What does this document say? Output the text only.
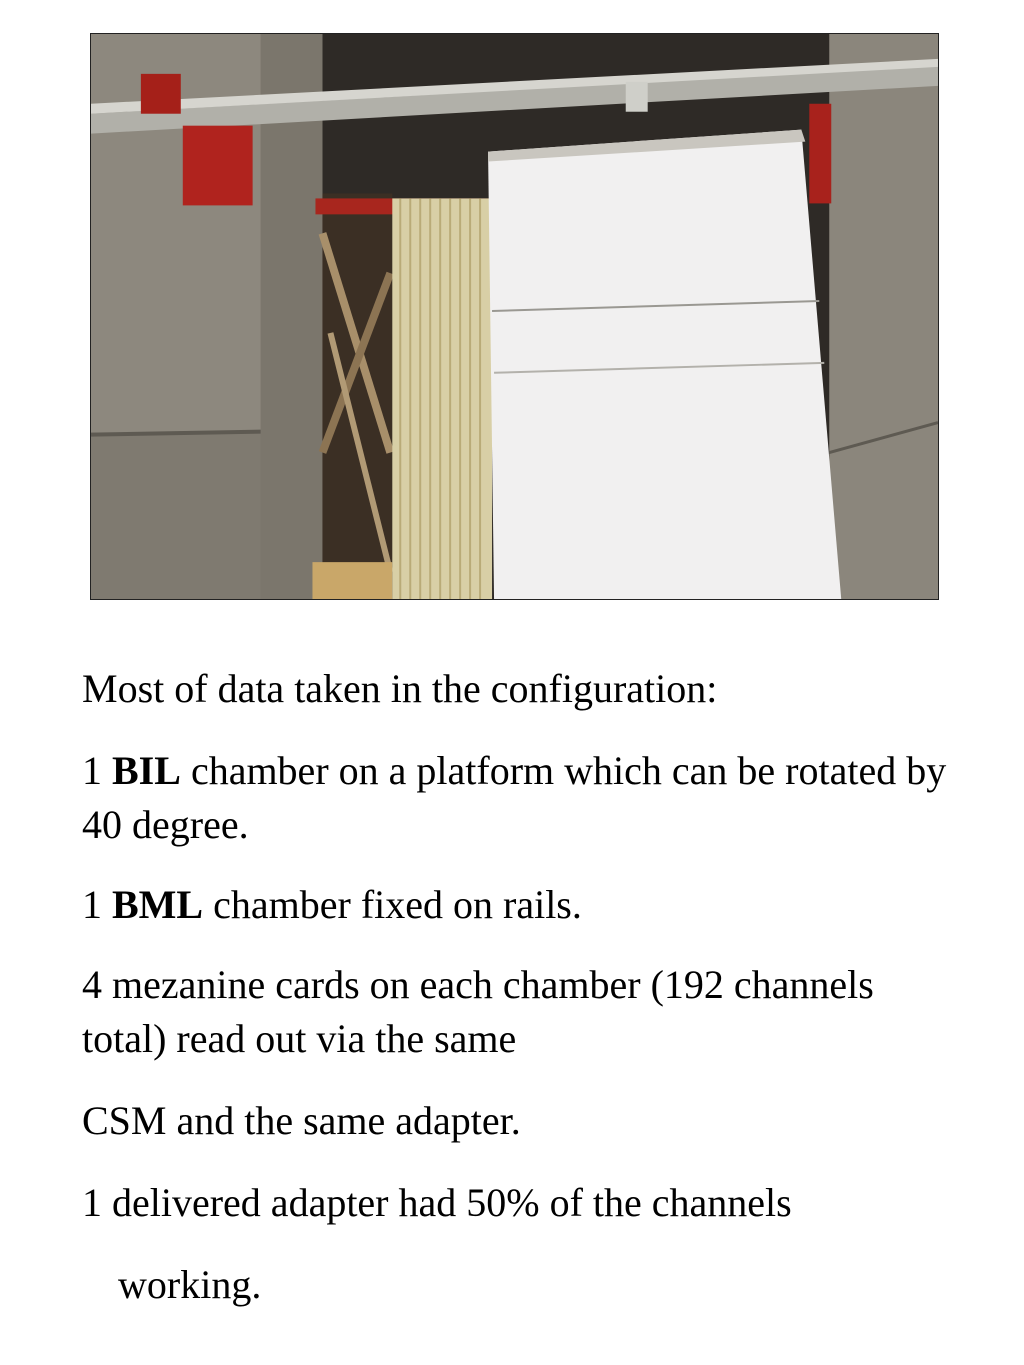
Most of data taken in the configuration:

1 BIL chamber on a platform which can be rotated by 40 degree.

1 BML chamber fixed on rails.

4 mezanine cards on each chamber (192 channels total) read out via the same

CSM and the same adapter.

1 delivered adapter had 50% of the channels

working.
